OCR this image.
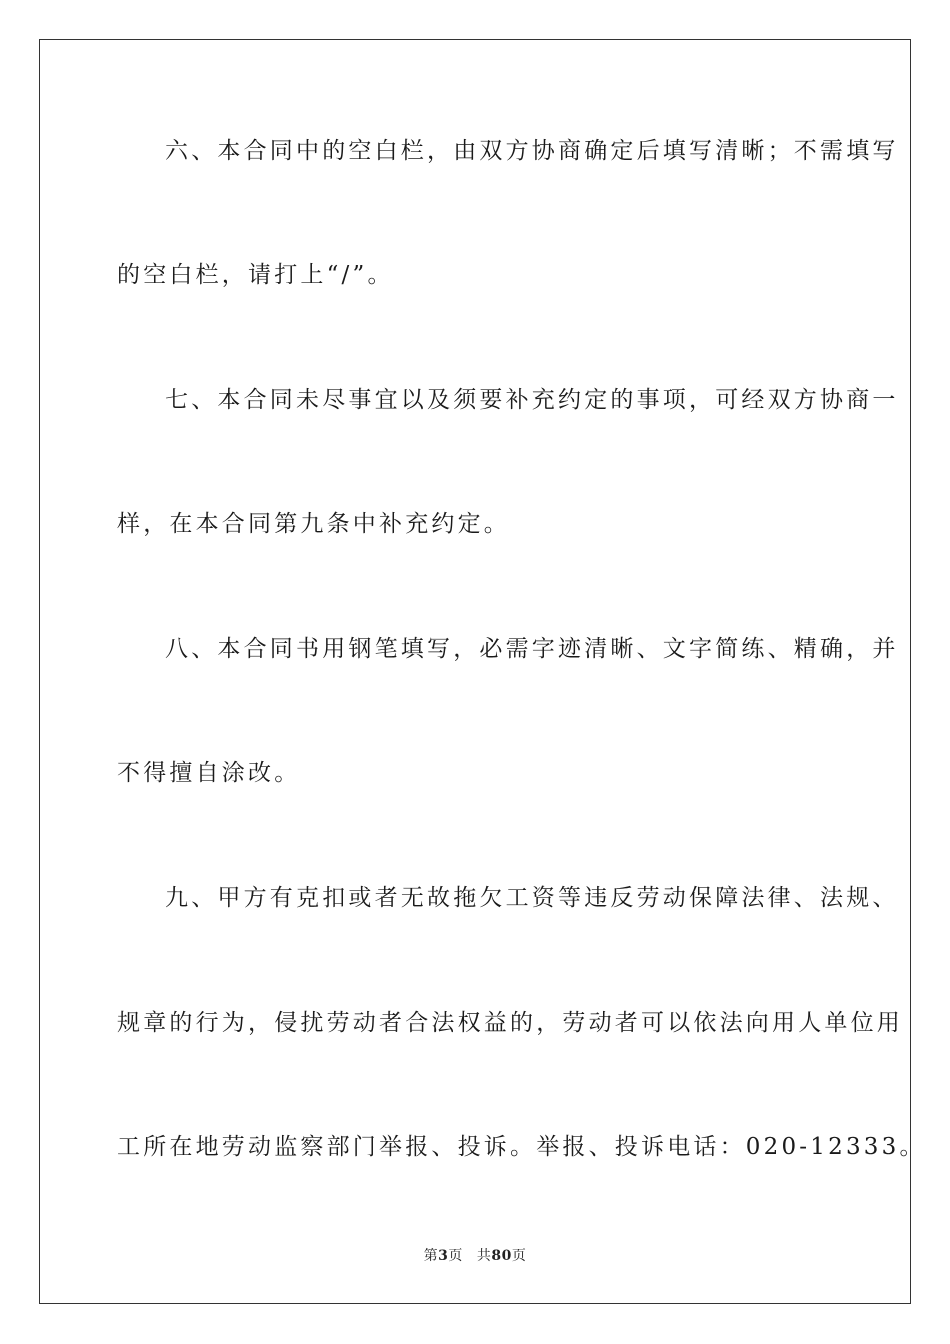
六、本合同中的空白栏，由双方协商确定后填写清晰；不需填写
的空白栏，请打上“/”。
七、本合同未尽事宜以及须要补充约定的事项，可经双方协商一
样，在本合同第九条中补充约定。
八、本合同书用钢笔填写，必需字迹清晰、文字简练、精确，并
不得擅自涂改。
九、甲方有克扣或者无故拖欠工资等违反劳动保障法律、法规、
规章的行为，侵扰劳动者合法权益的，劳动者可以依法向用人单位用
工所在地劳动监察部门举报、投诉。举报、投诉电话：020-12333。
第3页 共80页
